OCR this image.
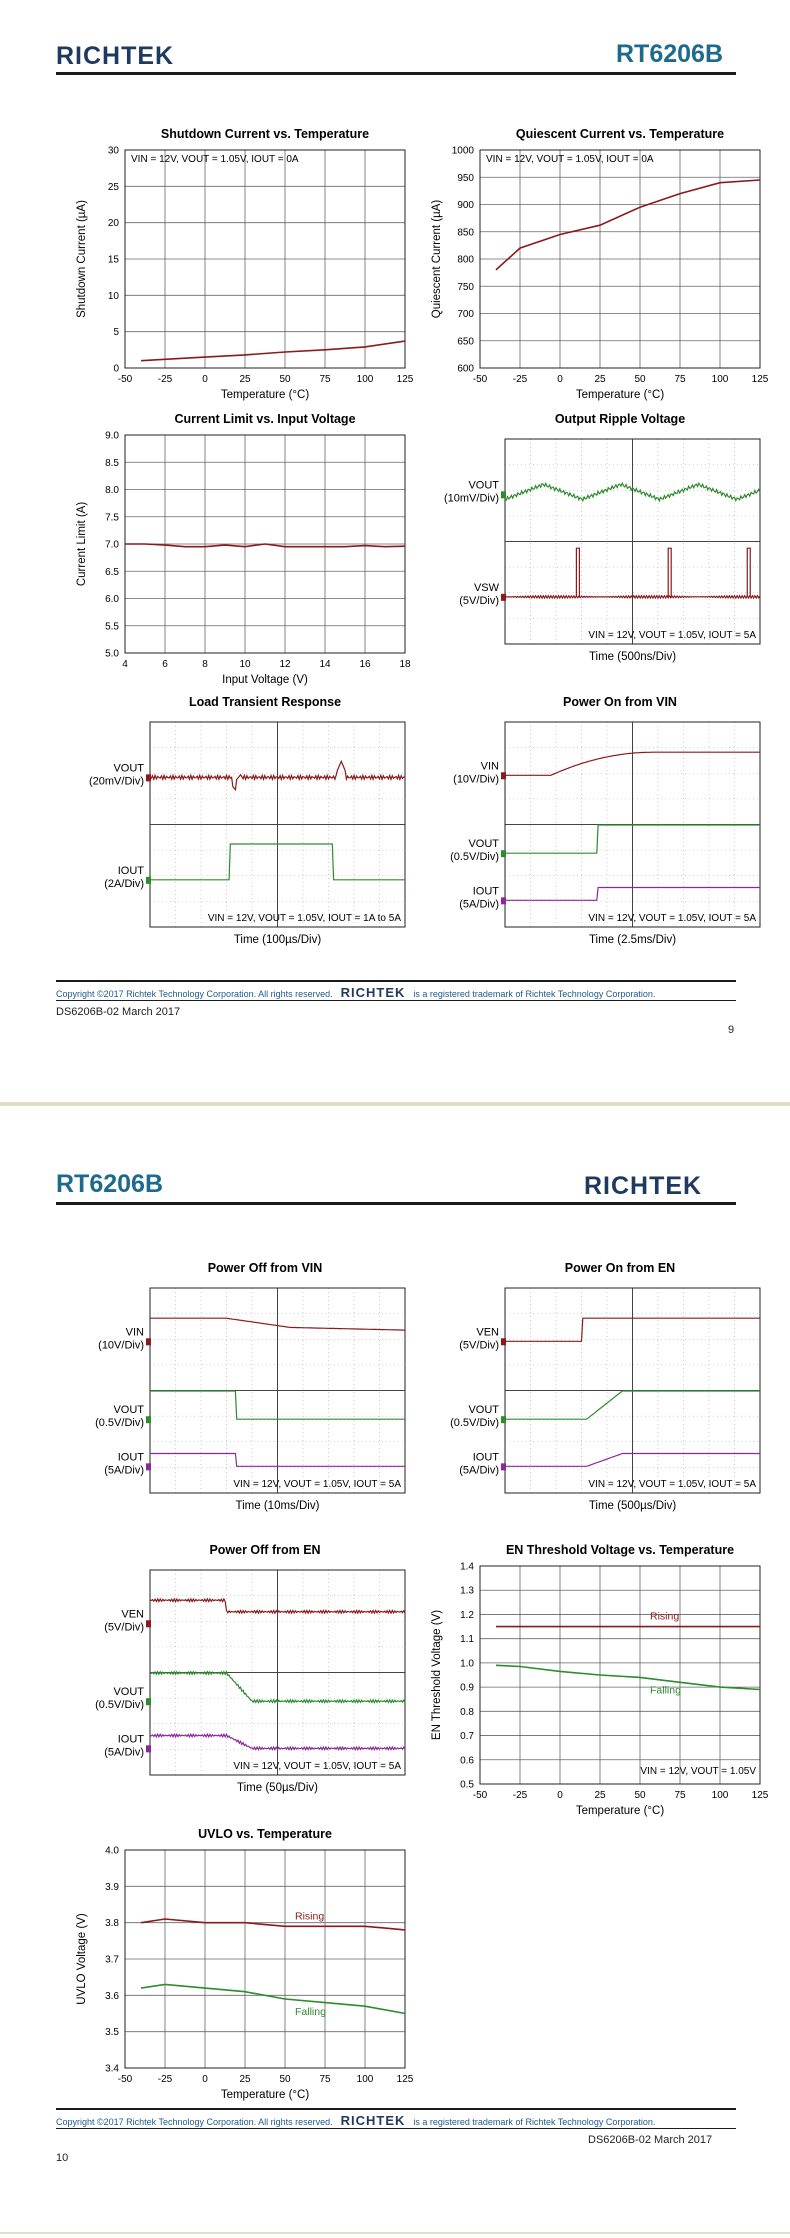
RICHTEK	RT6206B
Shutdown Current vs. Temperature
-50	-25	0	25	50	75	100 125
0
5
10
15
20
25
30
Temperature (°C)
Shutdown Current (µA)
VIN = 12V, VOUT = 1.05V, IOUT = 0A
Quiescent Current vs. Temperature
-50	-25	0	25	50	75	100 125
600
650
700
750
800
850
900
950
1000
Temperature (°C)
Quiescent Current (µA)
VIN = 12V, VOUT = 1.05V, IOUT = 0A
Current Limit vs. Input Voltage
4	6	8	10	12	14	16	18
5.0
5.5
6.0
6.5
7.0
7.5
8.0
8.5
9.0
Input Voltage (V)
Current Limit (A)
Output Ripple Voltage
VOUT
(10mV/Div)
VSW
(5V/Div)
VIN = 12V, VOUT = 1.05V, IOUT = 5A
Time (500ns/Div)
Load Transient Response
VOUT
(20mV/Div)
IOUT
(2A/Div)
VIN = 12V, VOUT = 1.05V, IOUT = 1A to 5A
Time (100µs/Div)
Power On from VIN
VIN
(10V/Div)
VOUT
(0.5V/Div)
IOUT
(5A/Div)
VIN = 12V, VOUT = 1.05V, IOUT = 5A
Time (2.5ms/Div)
Copyright ©2017 Richtek Technology Corporation. All rights reserved. RICHTEK is a registered trademark of Richtek Technology Corporation.
DS6206B-02 March 2017
9
RT6206B	RICHTEK
Power Off from VIN
VIN
(10V/Div)
VOUT
(0.5V/Div)
IOUT
(5A/Div)
VIN = 12V, VOUT = 1.05V, IOUT = 5A
Time (10ms/Div)
Power On from EN
VEN
(5V/Div)
VOUT
(0.5V/Div)
IOUT
(5A/Div)
VIN = 12V, VOUT = 1.05V, IOUT = 5A
Time (500µs/Div)
Power Off from EN
VEN
(5V/Div)
VOUT
(0.5V/Div)
IOUT
(5A/Div)
VIN = 12V, VOUT = 1.05V, IOUT = 5A
Time (50µs/Div)
EN Threshold Voltage vs. Temperature
-50	-25	0	25	50	75	100 125
0.5
0.6
0.7
0.8
0.9
1.0
1.1
1.2
1.3
1.4
Temperature (°C)
EN Threshold Voltage (V)
VIN = 12V, VOUT = 1.05V
Rising
Falling
UVLO vs. Temperature
-50	-25	0	25	50	75	100 125
3.4
3.5
3.6
3.7
3.8
3.9
4.0
Temperature (°C)
UVLO Voltage (V)	Rising
Falling
Copyright ©2017 Richtek Technology Corporation. All rights reserved. RICHTEK is a registered trademark of Richtek Technology Corporation.
DS6206B-02 March 2017
10
